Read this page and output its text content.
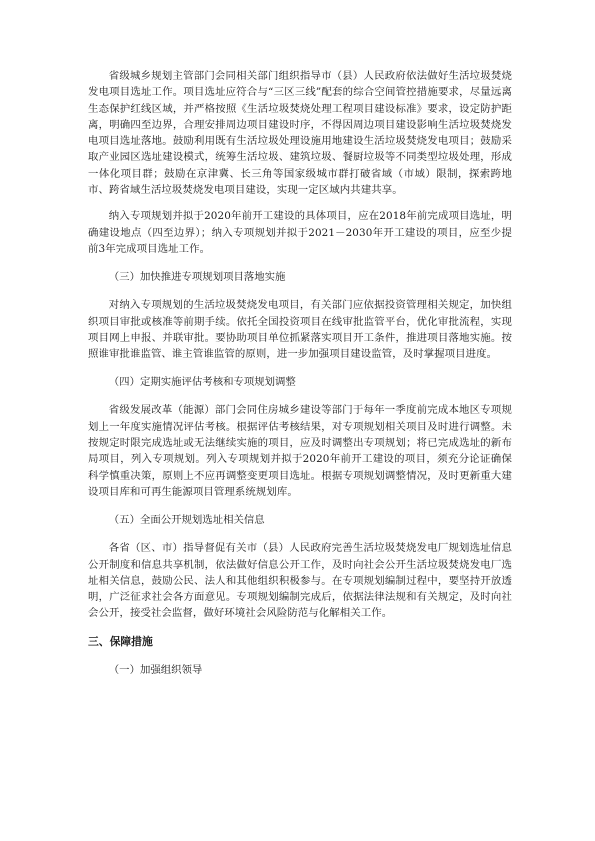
省级城乡规划主管部门会同相关部门组织指导市（县）人民政府依法做好生活垃圾焚烧发电项目选址工作。项目选址应符合与“三区三线”配套的综合空间管控措施要求，尽量远离生态保护红线区域，并严格按照《生活垃圾焚烧处理工程项目建设标准》要求，设定防护距离，明确四至边界，合理安排周边项目建设时序，不得因周边项目建设影响生活垃圾焚烧发电项目选址落地。鼓励利用既有生活垃圾处理设施用地建设生活垃圾焚烧发电项目；鼓励采取产业园区选址建设模式，统筹生活垃圾、建筑垃圾、餐厨垃圾等不同类型垃圾处理，形成一体化项目群；鼓励在京津冀、长三角等国家级城市群打破省域（市域）限制，探索跨地市、跨省域生活垃圾焚烧发电项目建设，实现一定区域内共建共享。

纳入专项规划并拟于2020年前开工建设的具体项目，应在2018年前完成项目选址，明确建设地点（四至边界）；纳入专项规划并拟于2021－2030年开工建设的项目，应至少提前3年完成项目选址工作。

（三）加快推进专项规划项目落地实施

对纳入专项规划的生活垃圾焚烧发电项目，有关部门应依据投资管理相关规定，加快组织项目审批或核准等前期手续。依托全国投资项目在线审批监管平台，优化审批流程，实现项目网上申报、并联审批。要协助项目单位抓紧落实项目开工条件，推进项目落地实施。按照谁审批谁监管、谁主管谁监管的原则，进一步加强项目建设监管，及时掌握项目进度。

（四）定期实施评估考核和专项规划调整

省级发展改革（能源）部门会同住房城乡建设等部门于每年一季度前完成本地区专项规划上一年度实施情况评估考核。根据评估考核结果，对专项规划相关项目及时进行调整。未按规定时限完成选址或无法继续实施的项目，应及时调整出专项规划；将已完成选址的新布局项目，列入专项规划。列入专项规划并拟于2020年前开工建设的项目，须充分论证确保科学慎重决策，原则上不应再调整变更项目选址。根据专项规划调整情况，及时更新重大建设项目库和可再生能源项目管理系统规划库。

（五）全面公开规划选址相关信息

各省（区、市）指导督促有关市（县）人民政府完善生活垃圾焚烧发电厂规划选址信息公开制度和信息共享机制，依法做好信息公开工作，及时向社会公开生活垃圾焚烧发电厂选址相关信息，鼓励公民、法人和其他组织积极参与。在专项规划编制过程中，要坚持开放透明，广泛征求社会各方面意见。专项规划编制完成后，依据法律法规和有关规定，及时向社会公开，接受社会监督，做好环境社会风险防范与化解相关工作。

三、保障措施

（一）加强组织领导
